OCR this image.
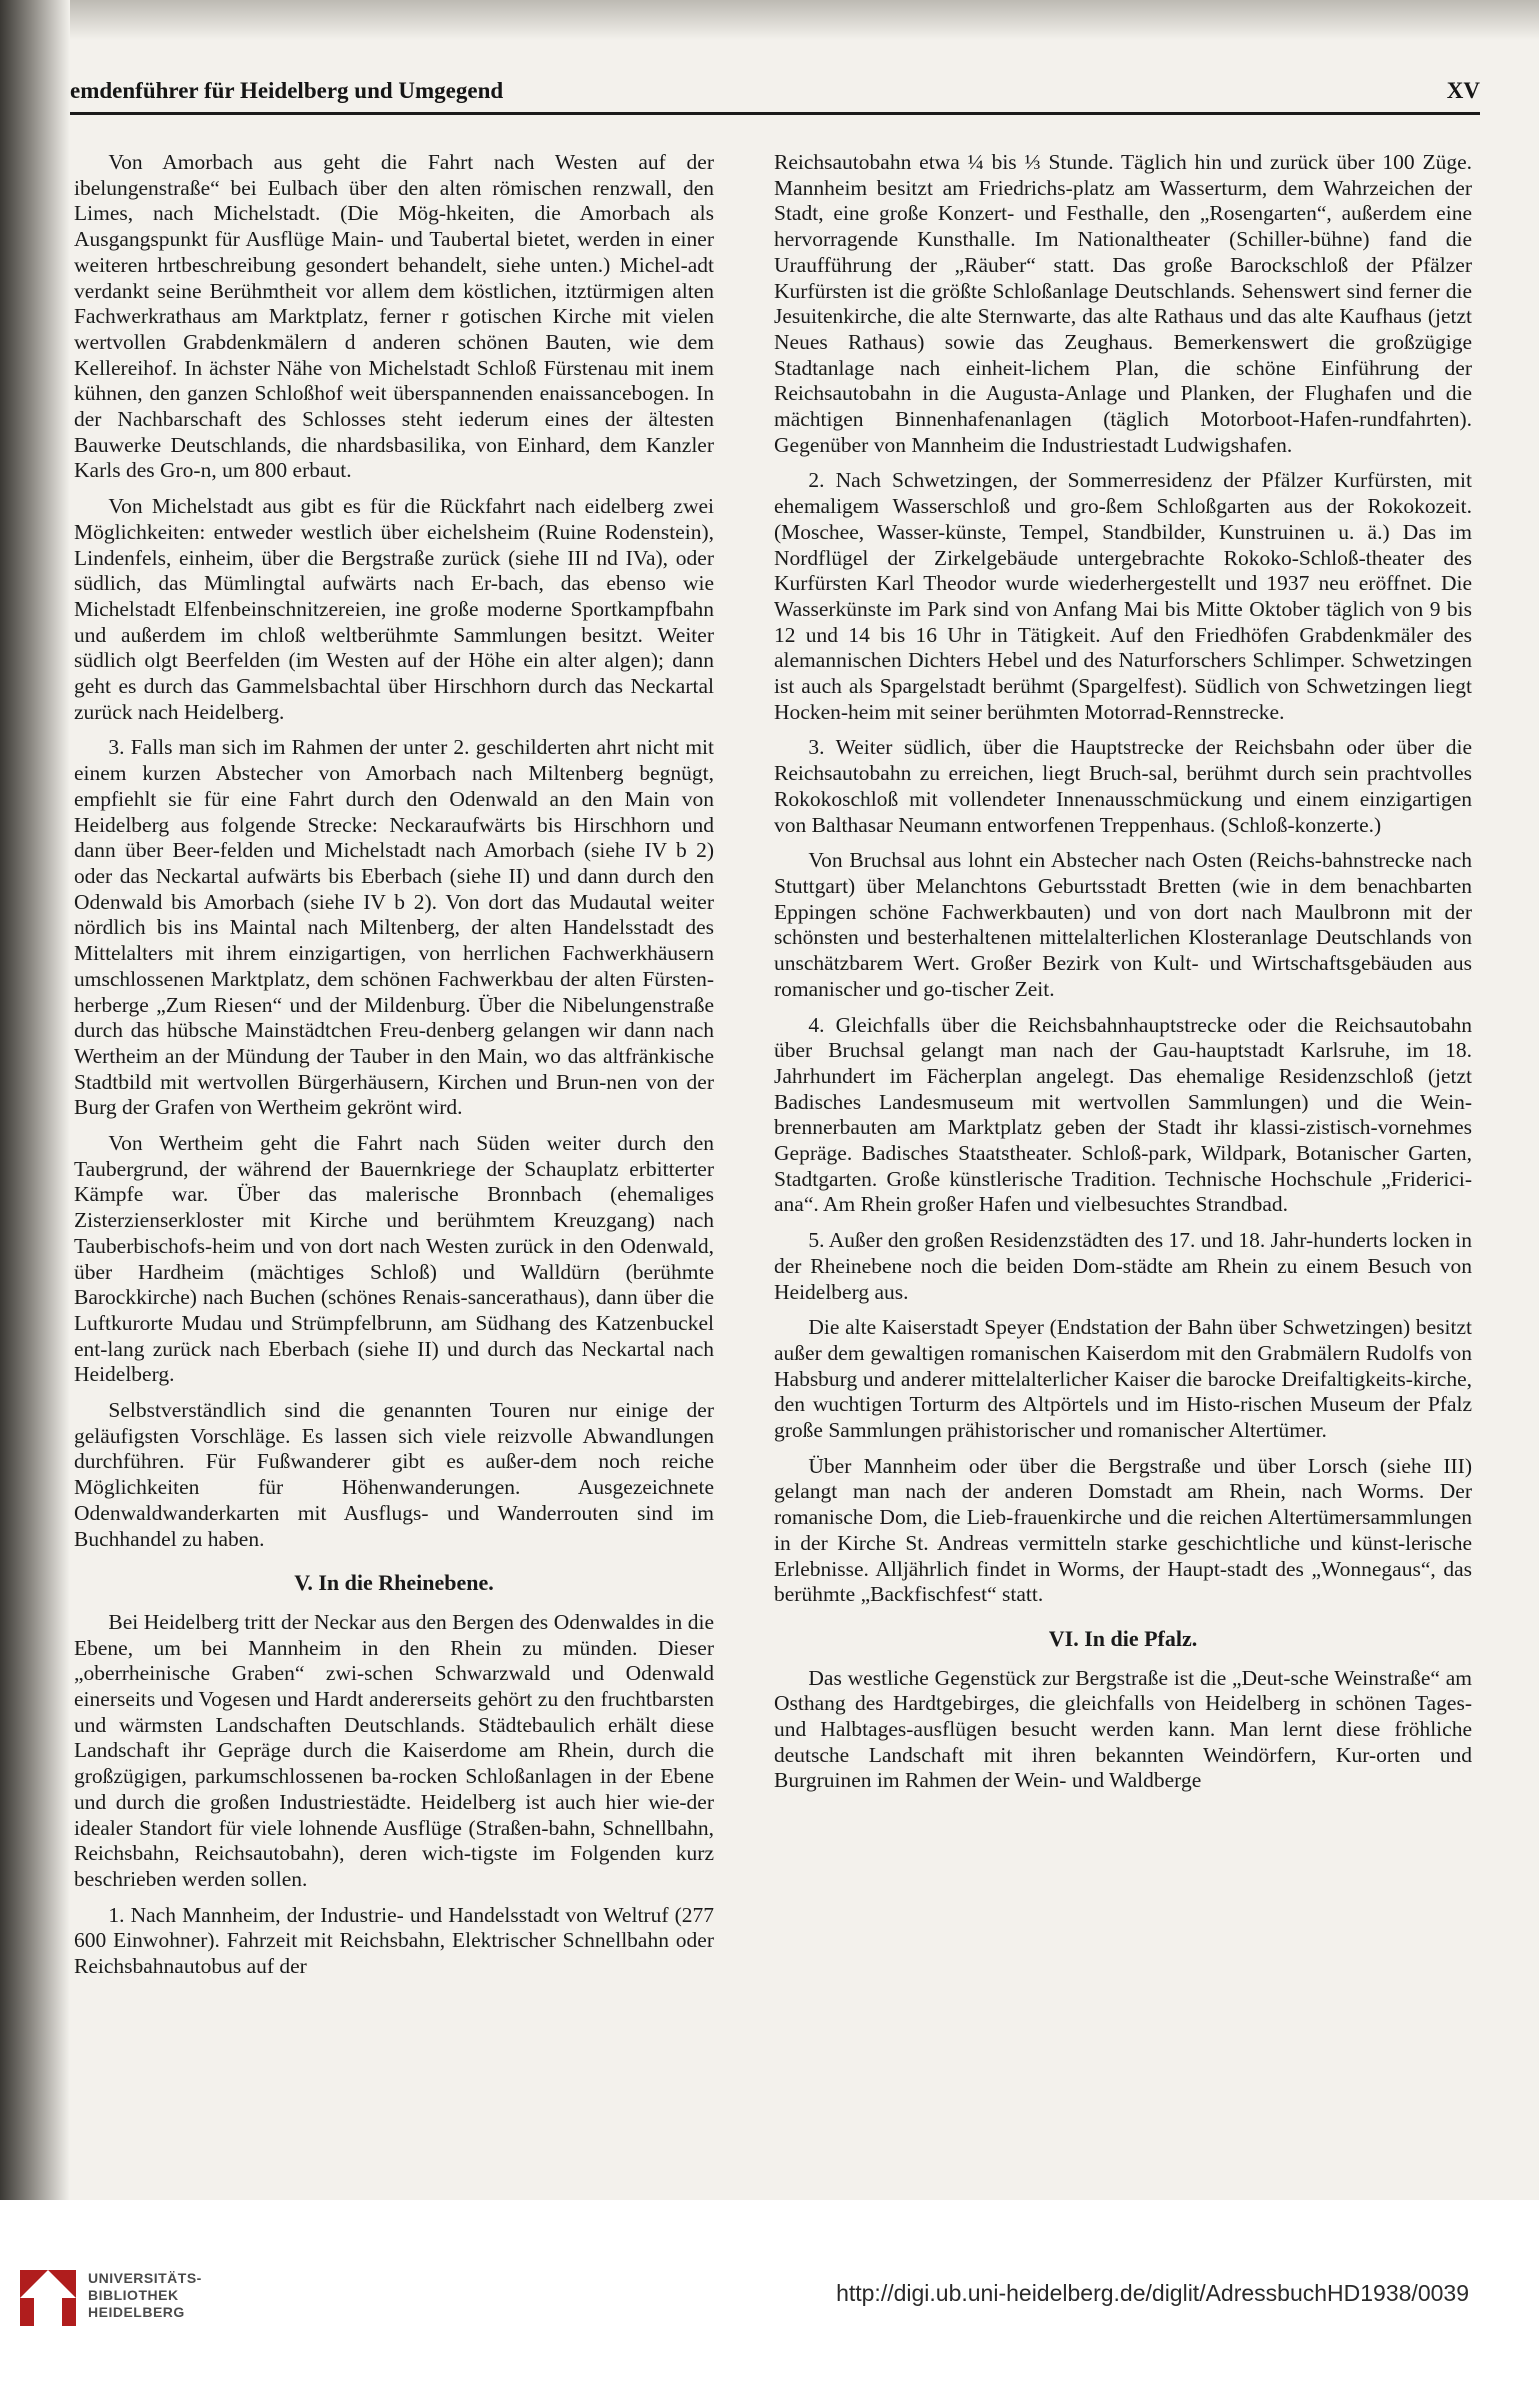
emdenführer für Heidelberg und Umgegend	XV

Von Amorbach aus geht die Fahrt nach Westen auf der ibelungenstraße“ bei Eulbach über den alten römischen renzwall, den Limes, nach Michelstadt. (Die Mög-hkeiten, die Amorbach als Ausgangspunkt für Ausflüge Main- und Taubertal bietet, werden in einer weiteren hrtbeschreibung gesondert behandelt, siehe unten.) Michel-adt verdankt seine Berühmtheit vor allem dem köstlichen, itztürmigen alten Fachwerkrathaus am Marktplatz, ferner r gotischen Kirche mit vielen wertvollen Grabdenkmälern d anderen schönen Bauten, wie dem Kellereihof. In ächster Nähe von Michelstadt Schloß Fürstenau mit inem kühnen, den ganzen Schloßhof weit überspannenden enaissancebogen. In der Nachbarschaft des Schlosses steht iederum eines der ältesten Bauwerke Deutschlands, die nhardsbasilika, von Einhard, dem Kanzler Karls des Gro-n, um 800 erbaut.

Von Michelstadt aus gibt es für die Rückfahrt nach eidelberg zwei Möglichkeiten: entweder westlich über eichelsheim (Ruine Rodenstein), Lindenfels, einheim, über die Bergstraße zurück (siehe III nd IVa), oder südlich, das Mümlingtal aufwärts nach Er-bach, das ebenso wie Michelstadt Elfenbeinschnitzereien, ine große moderne Sportkampfbahn und außerdem im chloß weltberühmte Sammlungen besitzt. Weiter südlich olgt Beerfelden (im Westen auf der Höhe ein alter algen); dann geht es durch das Gammelsbachtal über Hirschhorn durch das Neckartal zurück nach Heidelberg.

3. Falls man sich im Rahmen der unter 2. geschilderten ahrt nicht mit einem kurzen Abstecher von Amorbach nach Miltenberg begnügt, empfiehlt sie für eine Fahrt durch den Odenwald an den Main von Heidelberg aus folgende Strecke: Neckaraufwärts bis Hirschhorn und dann über Beer-felden und Michelstadt nach Amorbach (siehe IV b 2) oder das Neckartal aufwärts bis Eberbach (siehe II) und dann durch den Odenwald bis Amorbach (siehe IV b 2). Von dort das Mudautal weiter nördlich bis ins Maintal nach Miltenberg, der alten Handelsstadt des Mittelalters mit ihrem einzigartigen, von herrlichen Fachwerkhäusern umschlossenen Marktplatz, dem schönen Fachwerkbau der alten Fürsten-herberge „Zum Riesen“ und der Mildenburg. Über die Nibelungenstraße durch das hübsche Mainstädtchen Freu-denberg gelangen wir dann nach Wertheim an der Mündung der Tauber in den Main, wo das altfränkische Stadtbild mit wertvollen Bürgerhäusern, Kirchen und Brun-nen von der Burg der Grafen von Wertheim gekrönt wird.

Von Wertheim geht die Fahrt nach Süden weiter durch den Taubergrund, der während der Bauernkriege der Schauplatz erbitterter Kämpfe war. Über das malerische Bronnbach (ehemaliges Zisterzienserkloster mit Kirche und berühmtem Kreuzgang) nach Tauberbischofs-heim und von dort nach Westen zurück in den Odenwald, über Hardheim (mächtiges Schloß) und Walldürn (berühmte Barockkirche) nach Buchen (schönes Renais-sancerathaus), dann über die Luftkurorte Mudau und Strümpfelbrunn, am Südhang des Katzenbuckel ent-lang zurück nach Eberbach (siehe II) und durch das Neckartal nach Heidelberg.

Selbstverständlich sind die genannten Touren nur einige der geläufigsten Vorschläge. Es lassen sich viele reizvolle Abwandlungen durchführen. Für Fußwanderer gibt es außer-dem noch reiche Möglichkeiten für Höhenwanderungen. Ausgezeichnete Odenwaldwanderkarten mit Ausflugs- und Wanderrouten sind im Buchhandel zu haben.

V. In die Rheinebene.

Bei Heidelberg tritt der Neckar aus den Bergen des Odenwaldes in die Ebene, um bei Mannheim in den Rhein zu münden. Dieser „oberrheinische Graben“ zwi-schen Schwarzwald und Odenwald einerseits und Vogesen und Hardt andererseits gehört zu den fruchtbarsten und wärmsten Landschaften Deutschlands. Städtebaulich erhält diese Landschaft ihr Gepräge durch die Kaiserdome am Rhein, durch die großzügigen, parkumschlossenen ba-rocken Schloßanlagen in der Ebene und durch die großen Industriestädte. Heidelberg ist auch hier wie-der idealer Standort für viele lohnende Ausflüge (Straßen-bahn, Schnellbahn, Reichsbahn, Reichsautobahn), deren wich-tigste im Folgenden kurz beschrieben werden sollen.

1. Nach Mannheim, der Industrie- und Handelsstadt von Weltruf (277 600 Einwohner). Fahrzeit mit Reichsbahn, Elektrischer Schnellbahn oder Reichsbahnautobus auf der

Reichsautobahn etwa ¼ bis ⅓ Stunde. Täglich hin und zurück über 100 Züge. Mannheim besitzt am Friedrichs-platz am Wasserturm, dem Wahrzeichen der Stadt, eine große Konzert- und Festhalle, den „Rosengarten“, außerdem eine hervorragende Kunsthalle. Im Nationaltheater (Schiller-bühne) fand die Uraufführung der „Räuber“ statt. Das große Barockschloß der Pfälzer Kurfürsten ist die größte Schloßanlage Deutschlands. Sehenswert sind ferner die Jesuitenkirche, die alte Sternwarte, das alte Rathaus und das alte Kaufhaus (jetzt Neues Rathaus) sowie das Zeughaus. Bemerkenswert die großzügige Stadtanlage nach einheit-lichem Plan, die schöne Einführung der Reichsautobahn in die Augusta-Anlage und Planken, der Flughafen und die mächtigen Binnenhafenanlagen (täglich Motorboot-Hafen-rundfahrten). Gegenüber von Mannheim die Industriestadt Ludwigshafen.

2. Nach Schwetzingen, der Sommerresidenz der Pfälzer Kurfürsten, mit ehemaligem Wasserschloß und gro-ßem Schloßgarten aus der Rokokozeit. (Moschee, Wasser-künste, Tempel, Standbilder, Kunstruinen u. ä.) Das im Nordflügel der Zirkelgebäude untergebrachte Rokoko-Schloß-theater des Kurfürsten Karl Theodor wurde wiederhergestellt und 1937 neu eröffnet. Die Wasserkünste im Park sind von Anfang Mai bis Mitte Oktober täglich von 9 bis 12 und 14 bis 16 Uhr in Tätigkeit. Auf den Friedhöfen Grabdenkmäler des alemannischen Dichters Hebel und des Naturforschers Schlimper. Schwetzingen ist auch als Spargelstadt berühmt (Spargelfest). Südlich von Schwetzingen liegt Hocken-heim mit seiner berühmten Motorrad-Rennstrecke.

3. Weiter südlich, über die Hauptstrecke der Reichsbahn oder über die Reichsautobahn zu erreichen, liegt Bruch-sal, berühmt durch sein prachtvolles Rokokoschloß mit vollendeter Innenausschmückung und einem einzigartigen von Balthasar Neumann entworfenen Treppenhaus. (Schloß-konzerte.)

Von Bruchsal aus lohnt ein Abstecher nach Osten (Reichs-bahnstrecke nach Stuttgart) über Melanchtons Geburtsstadt Bretten (wie in dem benachbarten Eppingen schöne Fachwerkbauten) und von dort nach Maulbronn mit der schönsten und besterhaltenen mittelalterlichen Klosteranlage Deutschlands von unschätzbarem Wert. Großer Bezirk von Kult- und Wirtschaftsgebäuden aus romanischer und go-tischer Zeit.

4. Gleichfalls über die Reichsbahnhauptstrecke oder die Reichsautobahn über Bruchsal gelangt man nach der Gau-hauptstadt Karlsruhe, im 18. Jahrhundert im Fächerplan angelegt. Das ehemalige Residenzschloß (jetzt Badisches Landesmuseum mit wertvollen Sammlungen) und die Wein-brennerbauten am Marktplatz geben der Stadt ihr klassi-zistisch-vornehmes Gepräge. Badisches Staatstheater. Schloß-park, Wildpark, Botanischer Garten, Stadtgarten. Große künstlerische Tradition. Technische Hochschule „Friderici-ana“. Am Rhein großer Hafen und vielbesuchtes Strandbad.

5. Außer den großen Residenzstädten des 17. und 18. Jahr-hunderts locken in der Rheinebene noch die beiden Dom-städte am Rhein zu einem Besuch von Heidelberg aus.

Die alte Kaiserstadt Speyer (Endstation der Bahn über Schwetzingen) besitzt außer dem gewaltigen romanischen Kaiserdom mit den Grabmälern Rudolfs von Habsburg und anderer mittelalterlicher Kaiser die barocke Dreifaltigkeits-kirche, den wuchtigen Torturm des Altpörtels und im Histo-rischen Museum der Pfalz große Sammlungen prähistorischer und romanischer Altertümer.

Über Mannheim oder über die Bergstraße und über Lorsch (siehe III) gelangt man nach der anderen Domstadt am Rhein, nach Worms. Der romanische Dom, die Lieb-frauenkirche und die reichen Altertümersammlungen in der Kirche St. Andreas vermitteln starke geschichtliche und künst-lerische Erlebnisse. Alljährlich findet in Worms, der Haupt-stadt des „Wonnegaus“, das berühmte „Backfischfest“ statt.

VI. In die Pfalz.

Das westliche Gegenstück zur Bergstraße ist die „Deut-sche Weinstraße“ am Osthang des Hardtgebirges, die gleichfalls von Heidelberg in schönen Tages- und Halbtages-ausflügen besucht werden kann. Man lernt diese fröhliche deutsche Landschaft mit ihren bekannten Weindörfern, Kur-orten und Burgruinen im Rahmen der Wein- und Waldberge

UNIVERSITÄTS-
BIBLIOTHEK
HEIDELBERG
http://digi.ub.uni-heidelberg.de/diglit/AdressbuchHD1938/0039
